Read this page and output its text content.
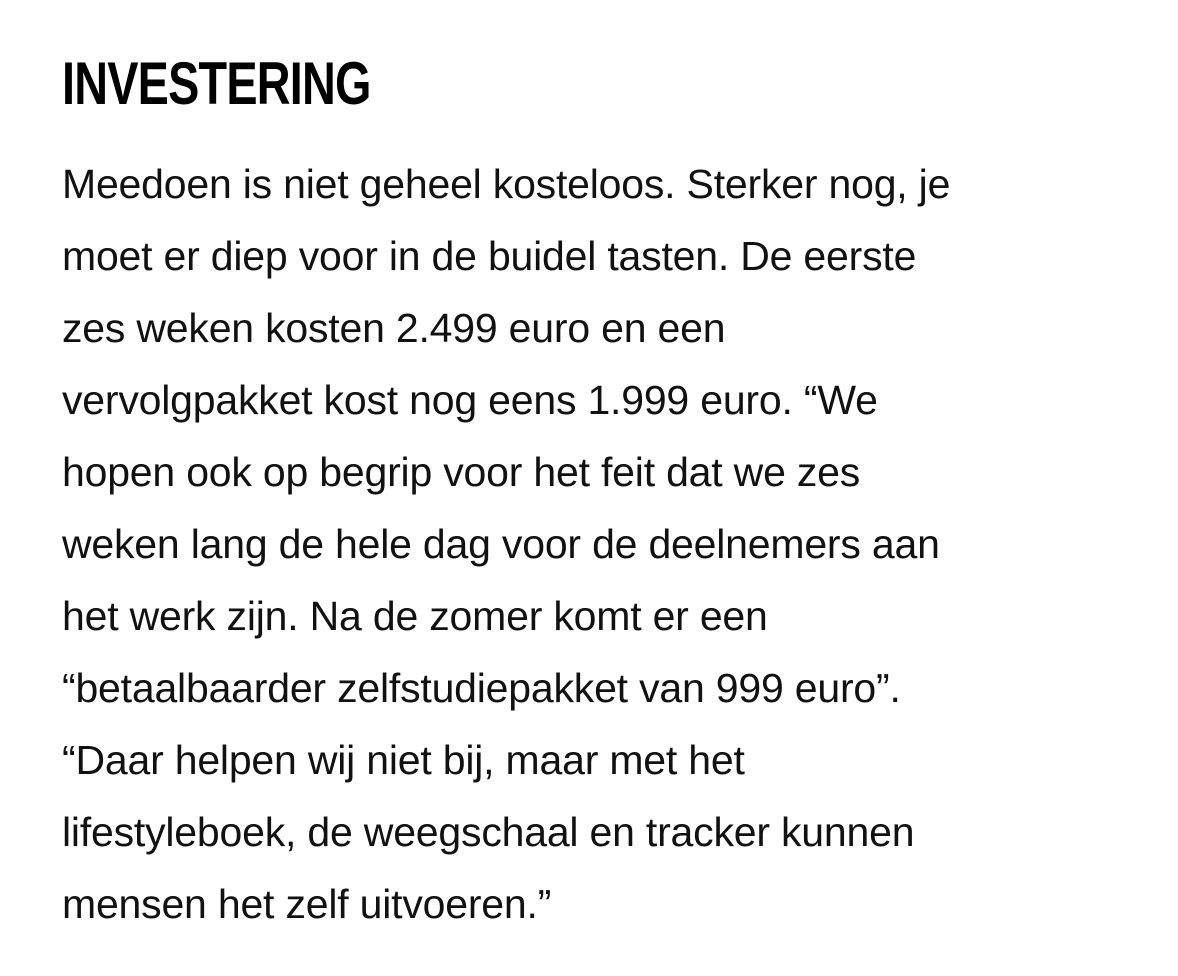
INVESTERING
Meedoen is niet geheel kosteloos. Sterker nog, je
moet er diep voor in de buidel tasten. De eerste
zes weken kosten 2.499 euro en een
vervolgpakket kost nog eens 1.999 euro. “We
hopen ook op begrip voor het feit dat we zes
weken lang de hele dag voor de deelnemers aan
het werk zijn. Na de zomer komt er een
“betaalbaarder zelfstudiepakket van 999 euro”.
“Daar helpen wij niet bij, maar met het
lifestyleboek, de weegschaal en tracker kunnen
mensen het zelf uitvoeren.”
